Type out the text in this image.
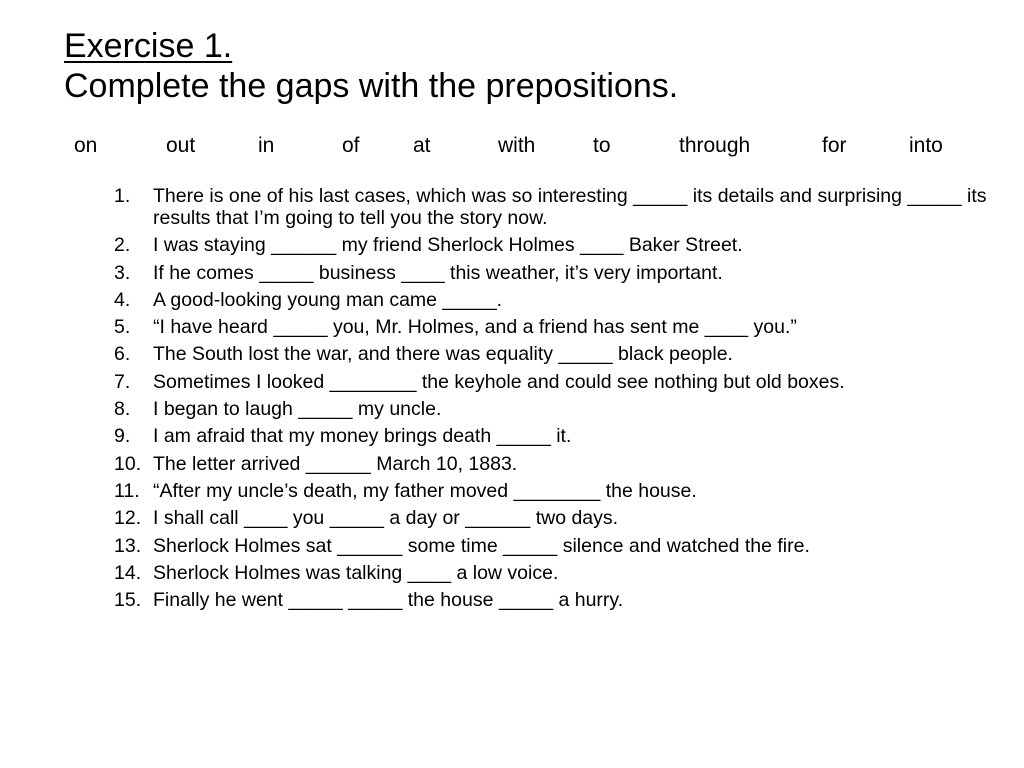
Exercise 1.
Complete the gaps with the prepositions.
on	out	in	of	at	with	to	through	for	into
1. There is one of his last cases, which was so interesting _____ its details and surprising _____ its results that I’m going to tell you the story now.
2. I was staying ______ my friend Sherlock Holmes ____ Baker Street.
3. If he comes _____ business ____ this weather, it’s very important.
4. A good-looking young man came _____.
5. “I have heard _____ you, Mr. Holmes, and a friend has sent me ____ you.”
6. The South lost the war, and there was equality _____ black people.
7. Sometimes I looked ________ the keyhole and could see nothing but old boxes.
8. I began to laugh _____ my uncle.
9. I am afraid that my money brings death _____ it.
10. The letter arrived ______ March 10, 1883.
11. “After my uncle’s death, my father moved ________ the house.
12. I shall call ____ you _____ a day or ______ two days.
13. Sherlock Holmes sat ______ some time _____ silence and watched the fire.
14. Sherlock Holmes was talking ____ a low voice.
15. Finally he went _____ _____ the house _____ a hurry.
